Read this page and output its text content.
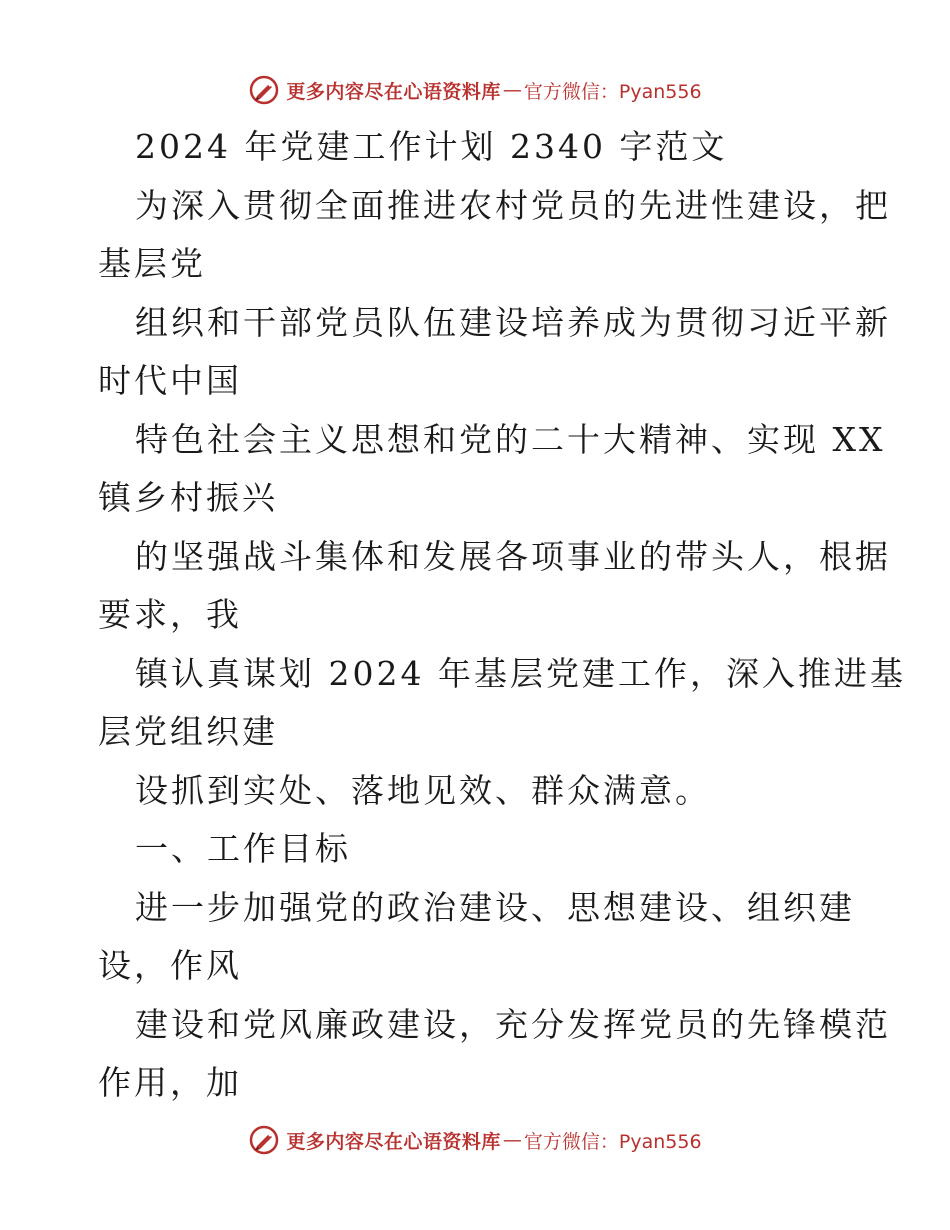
更多内容尽在心语资料库 — 官方微信：Pyan556
2024 年党建工作计划 2340 字范文
为深入贯彻全面推进农村党员的先进性建设，把
基层党
组织和干部党员队伍建设培养成为贯彻习近平新
时代中国
特色社会主义思想和党的二十大精神、实现 XX
镇乡村振兴
的坚强战斗集体和发展各项事业的带头人，根据
要求，我
镇认真谋划 2024 年基层党建工作，深入推进基
层党组织建
设抓到实处、落地见效、群众满意。
一、工作目标
进一步加强党的政治建设、思想建设、组织建
设，作风
建设和党风廉政建设，充分发挥党员的先锋模范
作用，加
更多内容尽在心语资料库 — 官方微信：Pyan556
